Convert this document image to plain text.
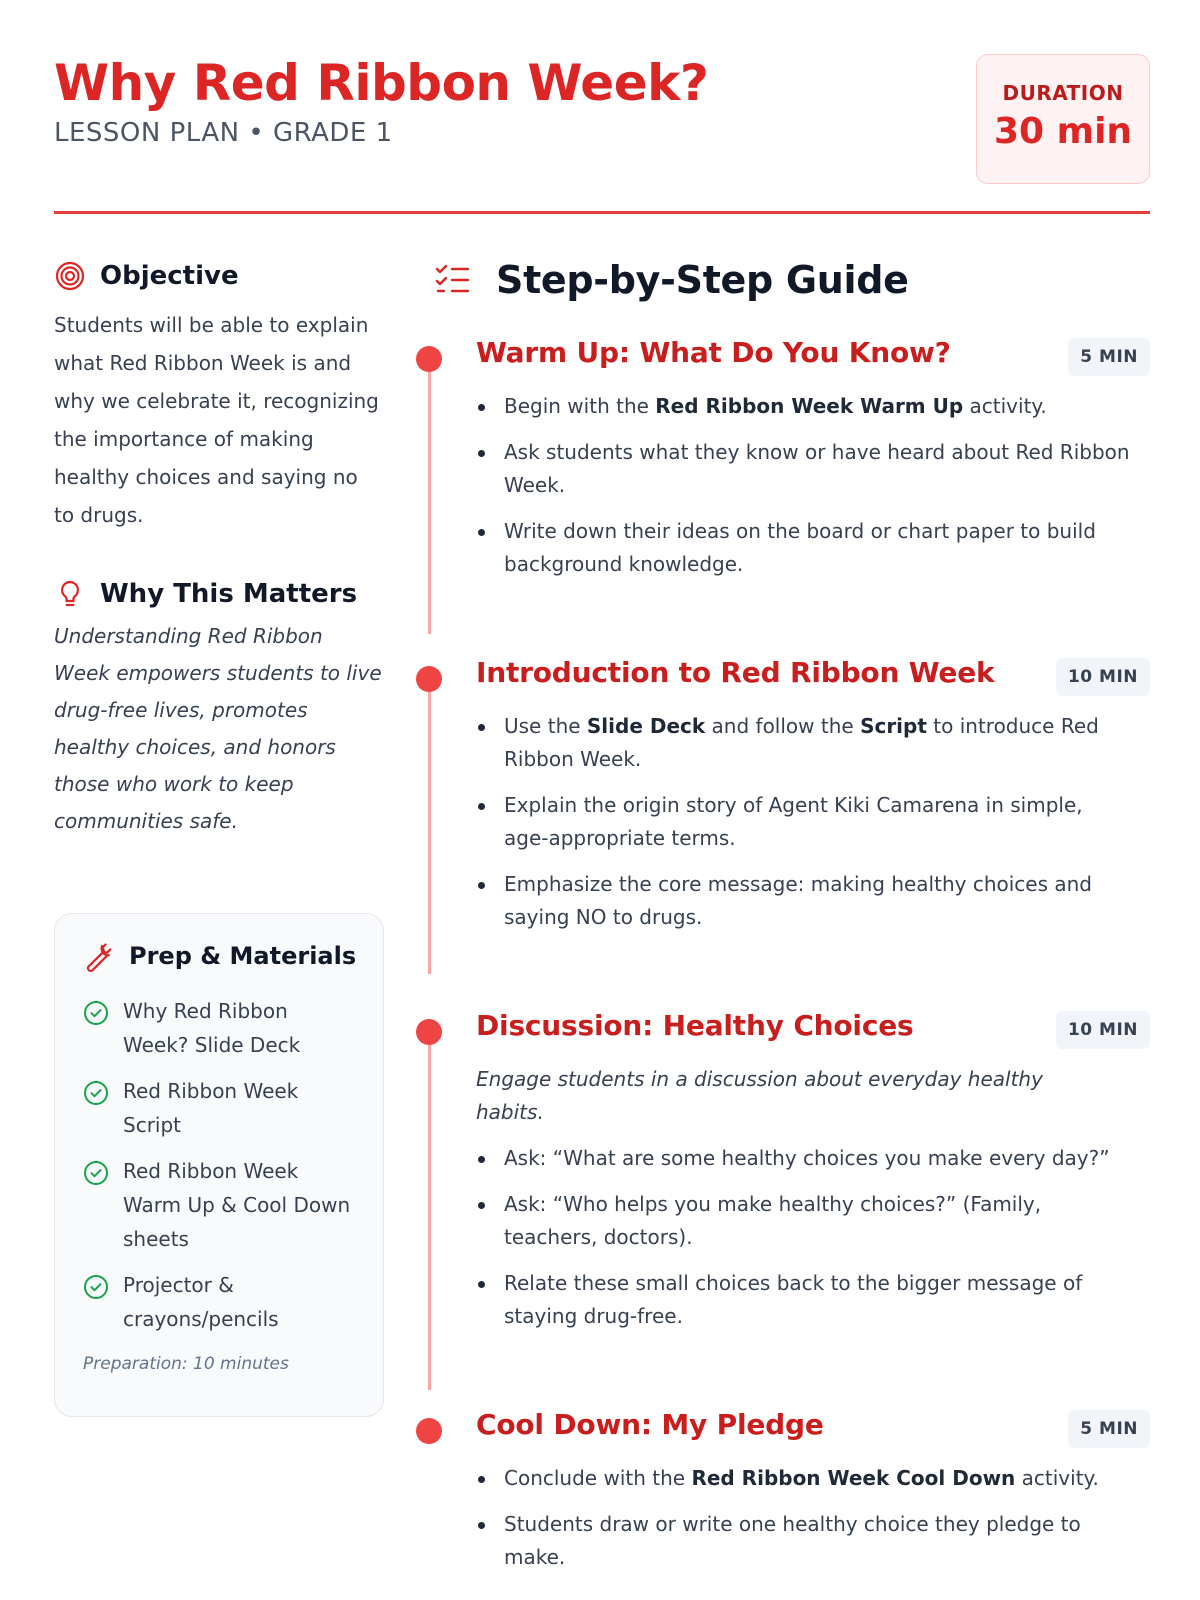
Why Red Ribbon Week?
LESSON PLAN • GRADE 1
DURATION
30 min
Objective

Students will be able to explain what Red Ribbon Week is and why we celebrate it, recognizing the importance of making healthy choices and saying no to drugs.

Why This Matters

Understanding Red Ribbon Week empowers students to live drug-free lives, promotes healthy choices, and honors those who work to keep communities safe.

Prep & Materials
Why Red Ribbon Week? Slide Deck
Red Ribbon Week Script
Red Ribbon Week Warm Up & Cool Down sheets
Projector & crayons/pencils
Preparation: 10 minutes
Step-by-Step Guide
Warm Up: What Do You Know?	5 MIN
Begin with the Red Ribbon Week Warm Up activity.
Ask students what they know or have heard about Red Ribbon Week.
Write down their ideas on the board or chart paper to build background knowledge.
Introduction to Red Ribbon Week	10 MIN
Use the Slide Deck and follow the Script to introduce Red Ribbon Week.
Explain the origin story of Agent Kiki Camarena in simple, age-appropriate terms.
Emphasize the core message: making healthy choices and saying NO to drugs.
Discussion: Healthy Choices	10 MIN
Engage students in a discussion about everyday healthy habits.
Ask: “What are some healthy choices you make every day?”
Ask: “Who helps you make healthy choices?” (Family, teachers, doctors).
Relate these small choices back to the bigger message of staying drug-free.
Cool Down: My Pledge	5 MIN
Conclude with the Red Ribbon Week Cool Down activity.
Students draw or write one healthy choice they pledge to make.
